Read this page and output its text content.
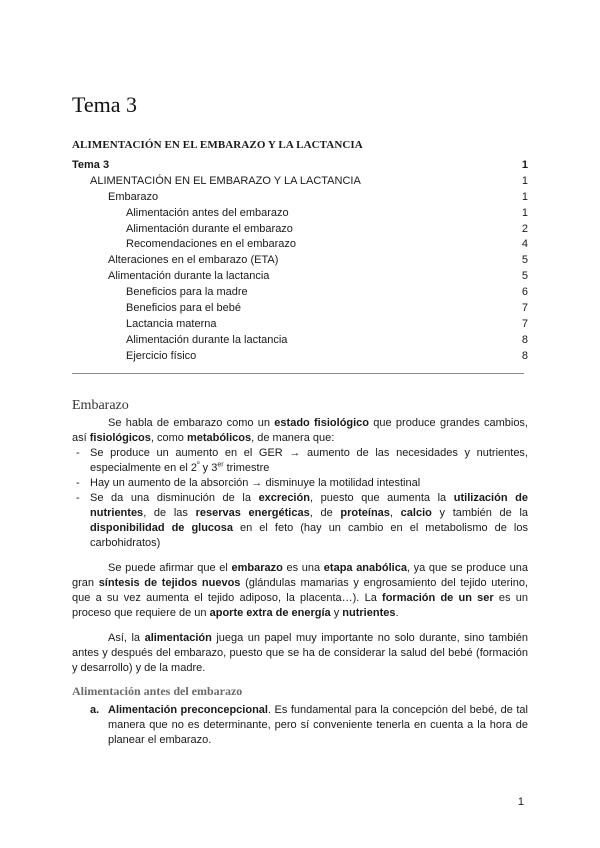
Tema 3
ALIMENTACIÓN EN EL EMBARAZO Y LA LACTANCIA
Tema 3	1
ALIMENTACIÓN EN EL EMBARAZO Y LA LACTANCIA	1
Embarazo	1
Alimentación antes del embarazo	1
Alimentación durante el embarazo	2
Recomendaciones en el embarazo	4
Alteraciones en el embarazo (ETA)	5
Alimentación durante la lactancia	5
Beneficios para la madre	6
Beneficios para el bebé	7
Lactancia materna	7
Alimentación durante la lactancia	8
Ejercicio físico	8
Embarazo

Se habla de embarazo como un estado fisiológico que produce grandes cambios, así fisiológicos, como metabólicos, de manera que:

- Se produce un aumento en el GER → aumento de las necesidades y nutrientes, especialmente en el $2^º$ y 3er trimestre
- Hay un aumento de la absorción → disminuye la motilidad intestinal
- Se da una disminución de la excreción, puesto que aumenta la utilización de nutrientes, de las reservas energéticas, de proteínas, calcio y también de la disponibilidad de glucosa en el feto (hay un cambio en el metabolismo de los carbohidratos)

Se puede afirmar que el embarazo es una etapa anabólica, ya que se produce una gran síntesis de tejidos nuevos (glándulas mamarias y engrosamiento del tejido uterino, que a su vez aumenta el tejido adiposo, la placenta…). La formación de un ser es un proceso que requiere de un aporte extra de energía y nutrientes.

Así, la alimentación juega un papel muy importante no solo durante, sino también antes y después del embarazo, puesto que se ha de considerar la salud del bebé (formación y desarrollo) y de la madre.

Alimentación antes del embarazo
a. Alimentación preconcepcional. Es fundamental para la concepción del bebé, de tal manera que no es determinante, pero sí conveniente tenerla en cuenta a la hora de planear el embarazo.
1
